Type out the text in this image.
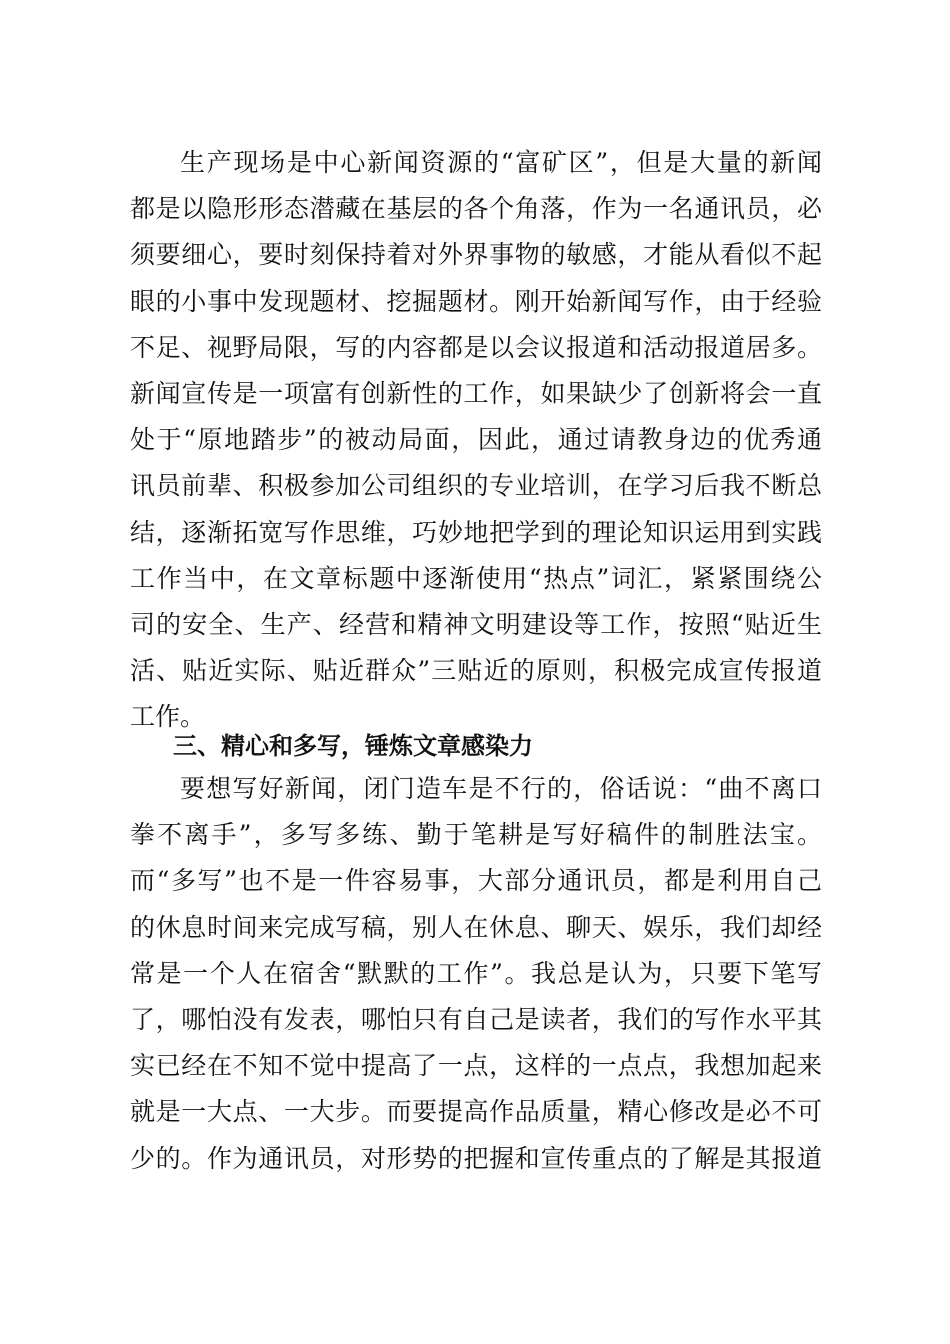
生产现场是中心新闻资源的“富矿区”，但是大量的新闻
都是以隐形形态潜藏在基层的各个角落，作为一名通讯员，必
须要细心，要时刻保持着对外界事物的敏感，才能从看似不起
眼的小事中发现题材、挖掘题材。刚开始新闻写作，由于经验
不足、视野局限，写的内容都是以会议报道和活动报道居多。
新闻宣传是一项富有创新性的工作，如果缺少了创新将会一直
处于“原地踏步”的被动局面，因此，通过请教身边的优秀通
讯员前辈、积极参加公司组织的专业培训，在学习后我不断总
结，逐渐拓宽写作思维，巧妙地把学到的理论知识运用到实践
工作当中，在文章标题中逐渐使用“热点”词汇，紧紧围绕公
司的安全、生产、经营和精神文明建设等工作，按照“贴近生
活、贴近实际、贴近群众”三贴近的原则，积极完成宣传报道
工作。
三、精心和多写，锤炼文章感染力
要想写好新闻，闭门造车是不行的，俗话说：“曲不离口
拳不离手”，多写多练、勤于笔耕是写好稿件的制胜法宝。
而“多写”也不是一件容易事，大部分通讯员，都是利用自己
的休息时间来完成写稿，别人在休息、聊天、娱乐，我们却经
常是一个人在宿舍“默默的工作”。我总是认为，只要下笔写
了，哪怕没有发表，哪怕只有自己是读者，我们的写作水平其
实已经在不知不觉中提高了一点，这样的一点点，我想加起来
就是一大点、一大步。而要提高作品质量，精心修改是必不可
少的。作为通讯员，对形势的把握和宣传重点的了解是其报道
